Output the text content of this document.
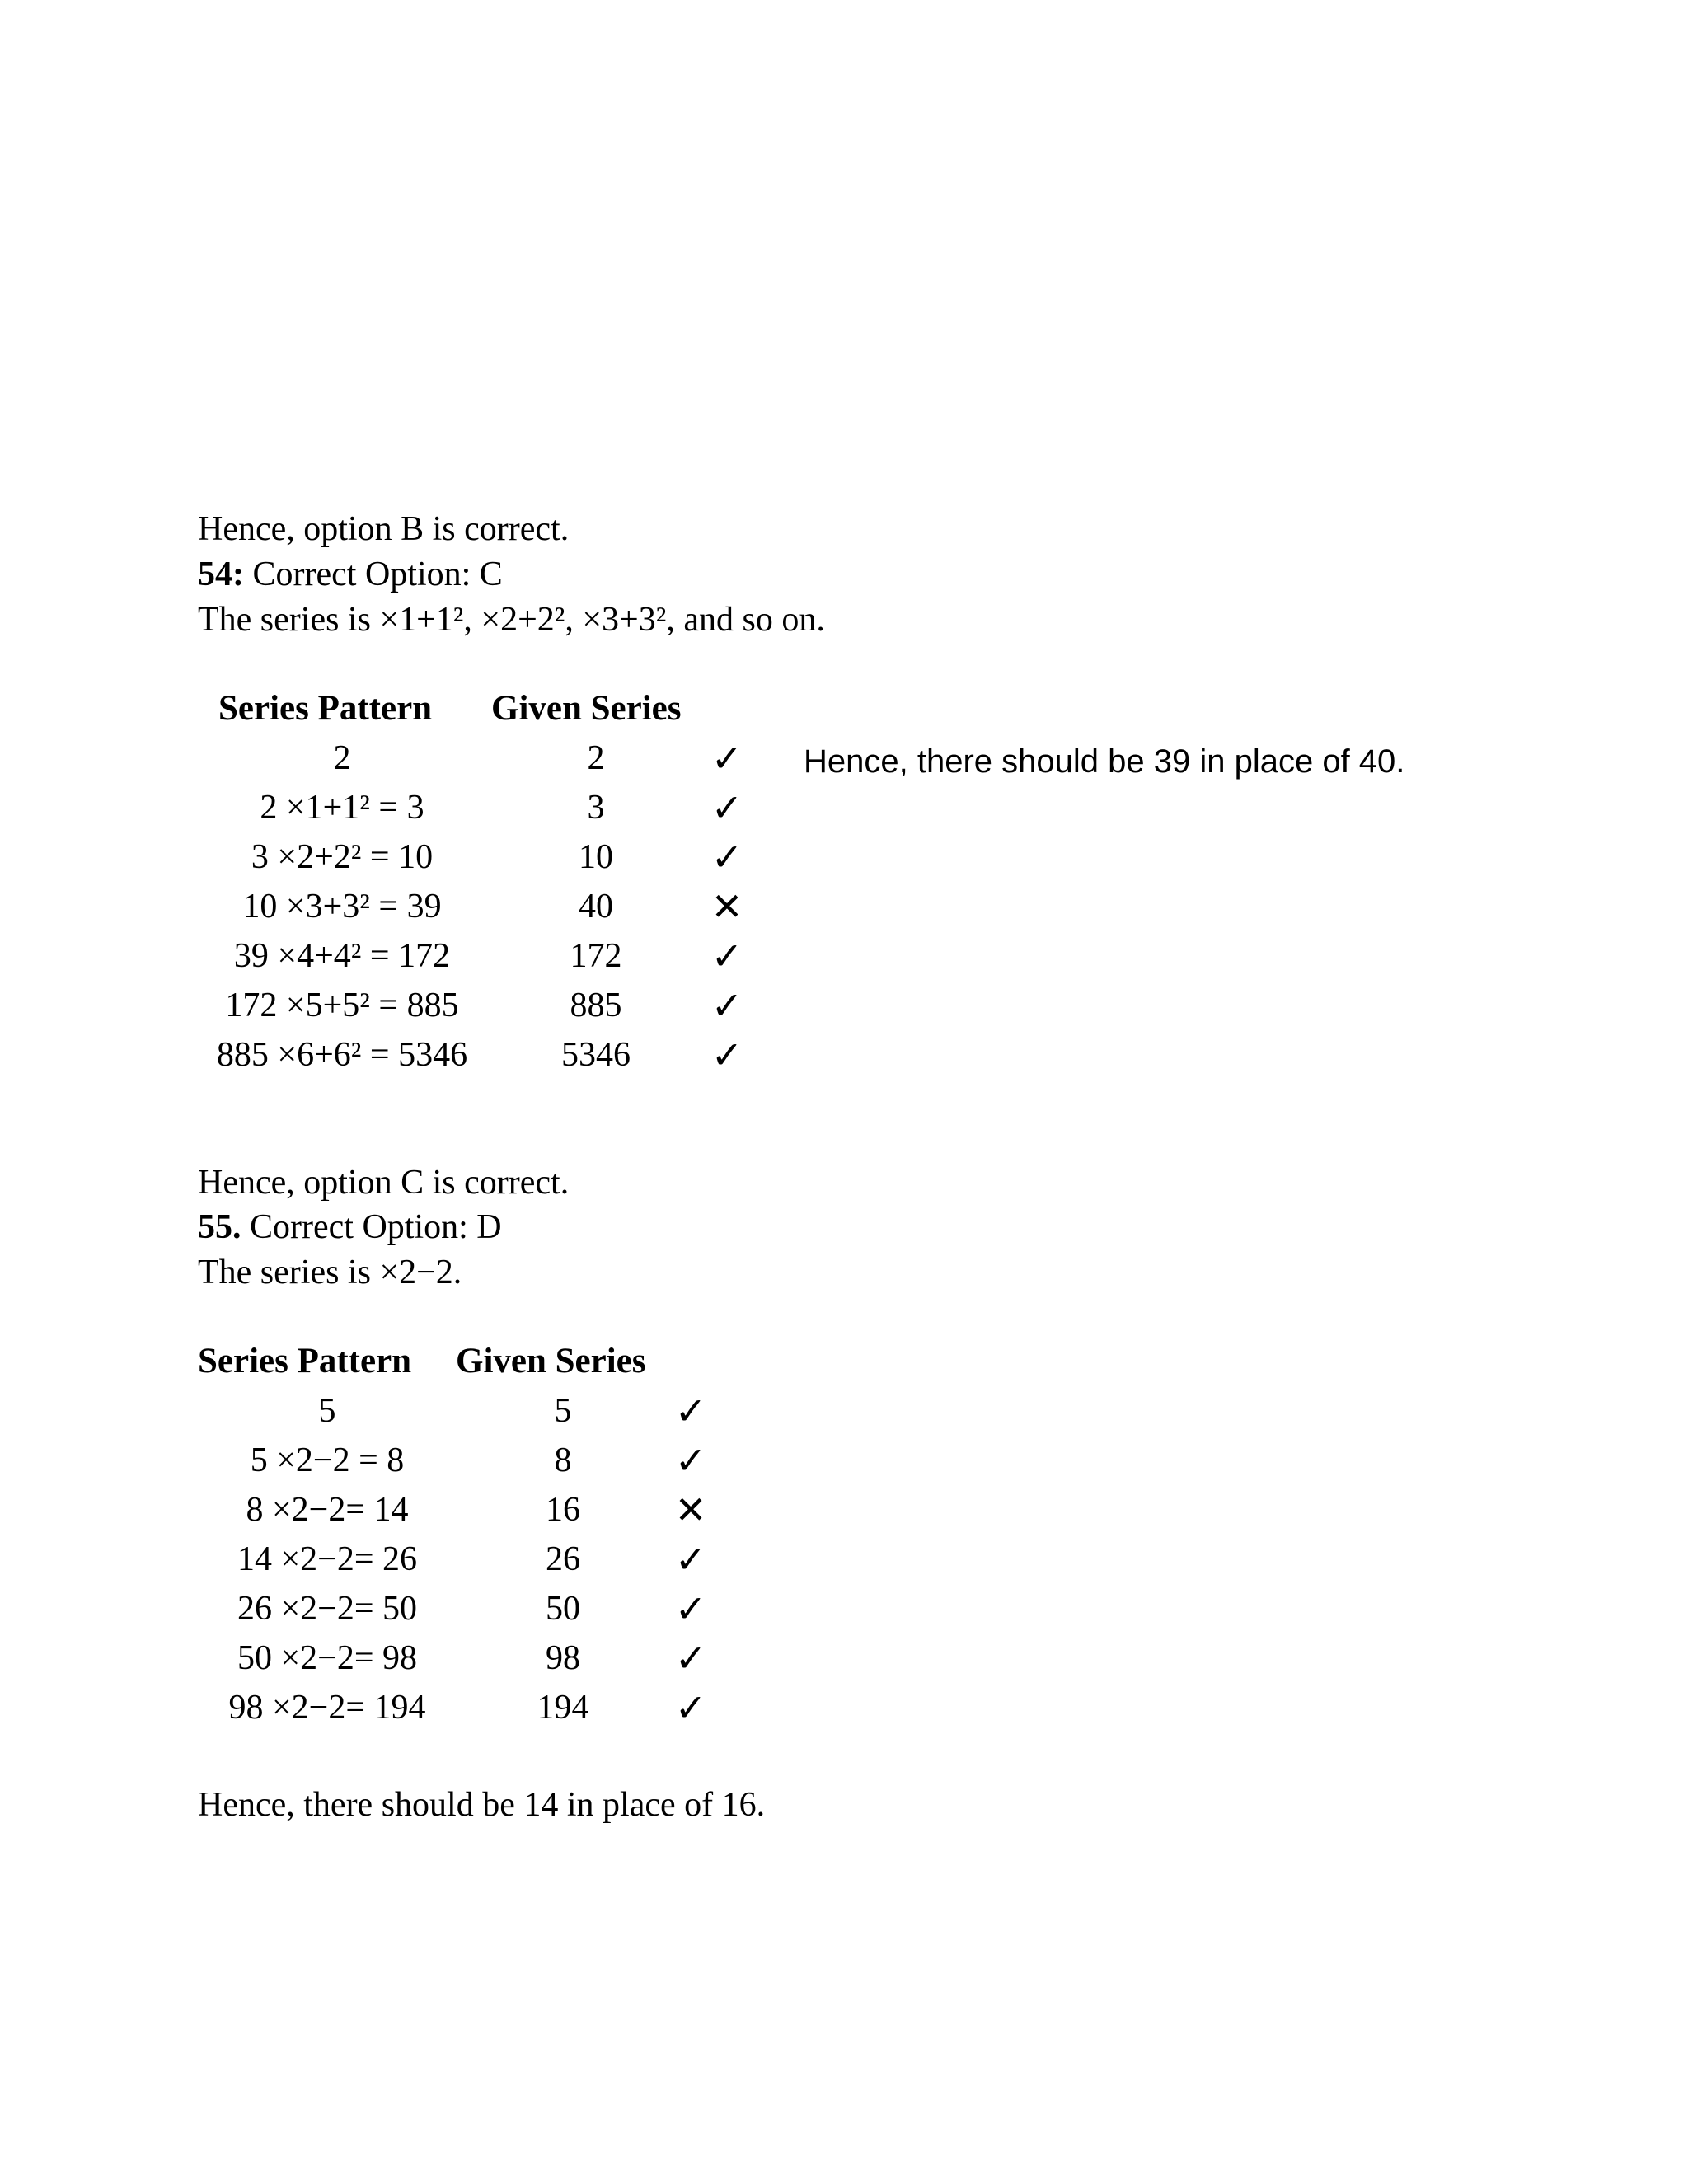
Hence, option B is correct.
54: Correct Option: C
The series is ×1+1², ×2+2², ×3+3², and so on.
Series Pattern Given Series
2	2	✓
2 ×1+1² = 3	3	✓
3 ×2+2² = 10	10	✓
10 ×3+3² = 39	40	✕
39 ×4+4² = 172	172 ✓
172 ×5+5² = 885	885 ✓
885 ×6+6² = 5346	5346 ✓
Hence, there should be 39 in place of 40.
Hence, option C is correct.
55. Correct Option: D
The series is ×2−2.
Series Pattern Given Series
5	5	✓
5 ×2−2 = 8	8	✓
8 ×2−2= 14	16 ✕
14 ×2−2= 26	26 ✓
26 ×2−2= 50	50 ✓
50 ×2−2= 98	98 ✓
98 ×2−2= 194	194 ✓
Hence, there should be 14 in place of 16.
